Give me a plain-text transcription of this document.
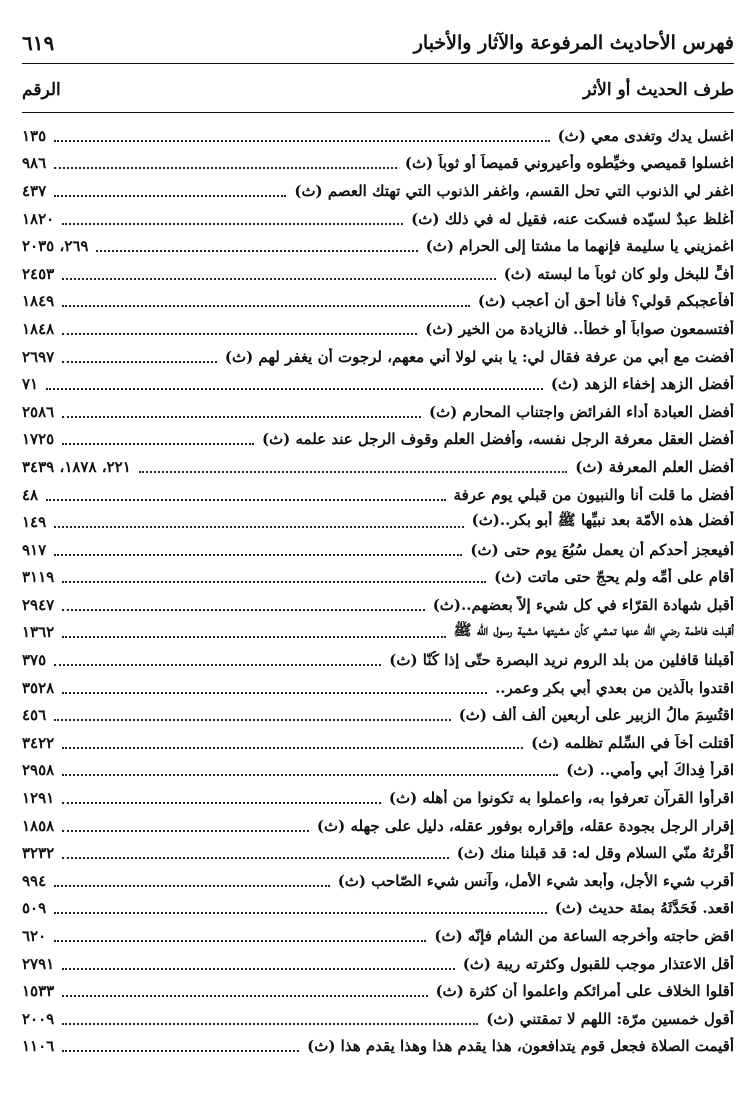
فهرس الأحاديث المرفوعة والآثار والأخبار
٦١٩
طرف الحديث أو الأثر
الرقم
اغسل يدك وتغدى معي (ث)
١٣٥
اغسلوا قميصي وخيِّطوه وأعيروني قميصاً أو ثوباً (ث)
٩٨٦
اغفر لي الذنوب التي تحل القسم، واغفر الذنوب التي تهتك العصم (ث)
٤٣٧
أغلظ عبدٌ لسيّده فسكت عنه، فقيل له في ذلك (ث)
١٨٢٠
اغمزيني يا سليمة فإنهما ما مشتا إلى الحرام (ث)
٢٦٩، ٢٠٣٥
أفٍّ للبخل ولو كان ثوباً ما لبسته (ث)
٢٤٥٣
أفأعجبكم قولي؟ فأنا أحق أن أعجب (ث)
١٨٤٩
أفتسمعون صواباً أو خطأً.. فالزيادة من الخير (ث)
١٨٤٨
أفضت مع أبي من عرفة فقال لي: يا بني لولا أني معهم، لرجوت أن يغفر لهم (ث)
٢٦٩٧
أفضل الزهد إخفاء الزهد (ث)
٧١
أفضل العبادة أداء الفرائض واجتناب المحارم (ث)
٢٥٨٦
أفضل العقل معرفة الرجل نفسه، وأفضل العلم وقوف الرجل عند علمه (ث)
١٧٢٥
أفضل العلم المعرفة (ث)
٢٢١، ١٨٧٨، ٣٤٣٩
أفضل ما قلت أنا والنبيون من قبلي يوم عرفة
٤٨
أفضل هذه الأمّة بعد نبيِّها ﷺ أبو بكر..(ث)
١٤٩
أفيعجز أحدكم أن يعمل سُبُعَ يوم حتى (ث)
٩١٧
أقام على أُمِّه ولم يحجّ حتى ماتت (ث)
٣١١٩
أقبل شهادة القرّاء في كل شيء إلاّ بعضهم..(ث)
٢٩٤٧
أقبلت فاطمة رضي الله عنها تمشي كأن مشيتها مشية رسول الله ﷺ
١٣٦٢
أقبلنا قافلين من بلد الروم نريد البصرة حتّى إذا كُنّا (ث)
٣٧٥
اقتدوا بالّذين من بعدي أبي بكرٍ وعمر..
٣٥٢٨
اقتُسِمَ مالُ الزبير على أربعين ألف ألف (ث)
٤٥٦
أقتلت أخاً في السِّلم تظلمه (ث)
٣٤٢٢
اقرأ فِداكَ أبي وأمي.. (ث)
٢٩٥٨
اقرأوا القرآن تعرفوا به، واعملوا به تكونوا من أهله (ث)
١٢٩١
إقرار الرجل بجودة عقله، وإقراره بوفور عقله، دليل على جهله (ث)
١٨٥٨
أَقْرِئهُ منّي السلام وقل له: قد قبلنا منك (ث)
٣٢٣٢
أقرب شيء الأجل، وأبعد شيء الأمل، وآنس شيء الصّاحب (ث)
٩٩٤
اقعد. فَحَدَّثَهُ بمئة حديث (ث)
٥٠٩
اقض حاجته وأخرجه الساعة من الشام فإنّه (ث)
٦٢٠
أقل الاعتذار موجب للقبول وكثرته ريبة (ث)
٢٧٩١
أقلوا الخلاف على أمرائكم واعلموا أن كثرة (ث)
١٥٣٣
أقول خمسين مرّة: اللهم لا تمقتني (ث)
٢٠٠٩
أقيمت الصلاة فجعل قوم يتدافعون، هذا يقدم هذا وهذا يقدم هذا (ث)
١١٠٦
